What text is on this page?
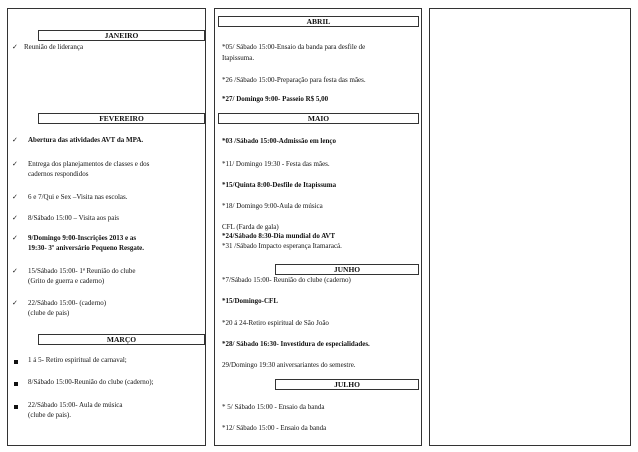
JANEIRO
✓ Reunião de liderança
FEVEREIRO
✓ Abertura das atividades AVT da MPA.
✓ Entrega dos planejamentos de classes e dos
cadernos respondidos
✓ 6 e 7/Qui e Sex –Visita nas escolas.
✓ 8/Sábado 15:00 – Visita aos pais
✓ 9/Domingo 9:00-Inscrições 2013 e as
19:30- 3º aniversário Pequeno Resgate.
✓ 15/Sábado 15:00- 1ª Reunião do clube
(Grito de guerra e caderno)
✓ 22/Sábado 15:00- (caderno)
(clube de pais)
MARÇO
1 á 5- Retiro espiritual de carnaval;
8/Sábado 15:00-Reunião do clube (caderno);
22/Sábado 15:00- Aula de música
(clube de pais).
ABRIL
*05/ Sábado 15:00-Ensaio da banda para desfile de
Itapissuma.
*26 /Sábado 15:00-Preparação para festa das mães.
*27/ Domingo 9:00- Passeio R$ 5,00
MAIO
*03 /Sábado 15:00-Admissão em lenço
*11/ Domingo 19:30 - Festa das mães.
*15/Quinta 8:00-Desfile de Itapissuma
*18/ Domingo 9:00-Aula de música
CFL (Farda de gala)
*24/Sábado 8:30-Dia mundial do AVT
*31 /Sábado Impacto esperança Itamaracá.
JUNHO
*7/Sábado 15:00- Reunião do clube (caderno)
*15/Domingo-CFL
*20 á 24-Retiro espiritual de São João
*28/ Sábado 16:30- Investidura de especialidades.
29/Domingo 19:30 aniversariantes do semestre.
JULHO
* 5/ Sábado 15:00 - Ensaio da banda
*12/ Sábado 15:00 - Ensaio da banda
